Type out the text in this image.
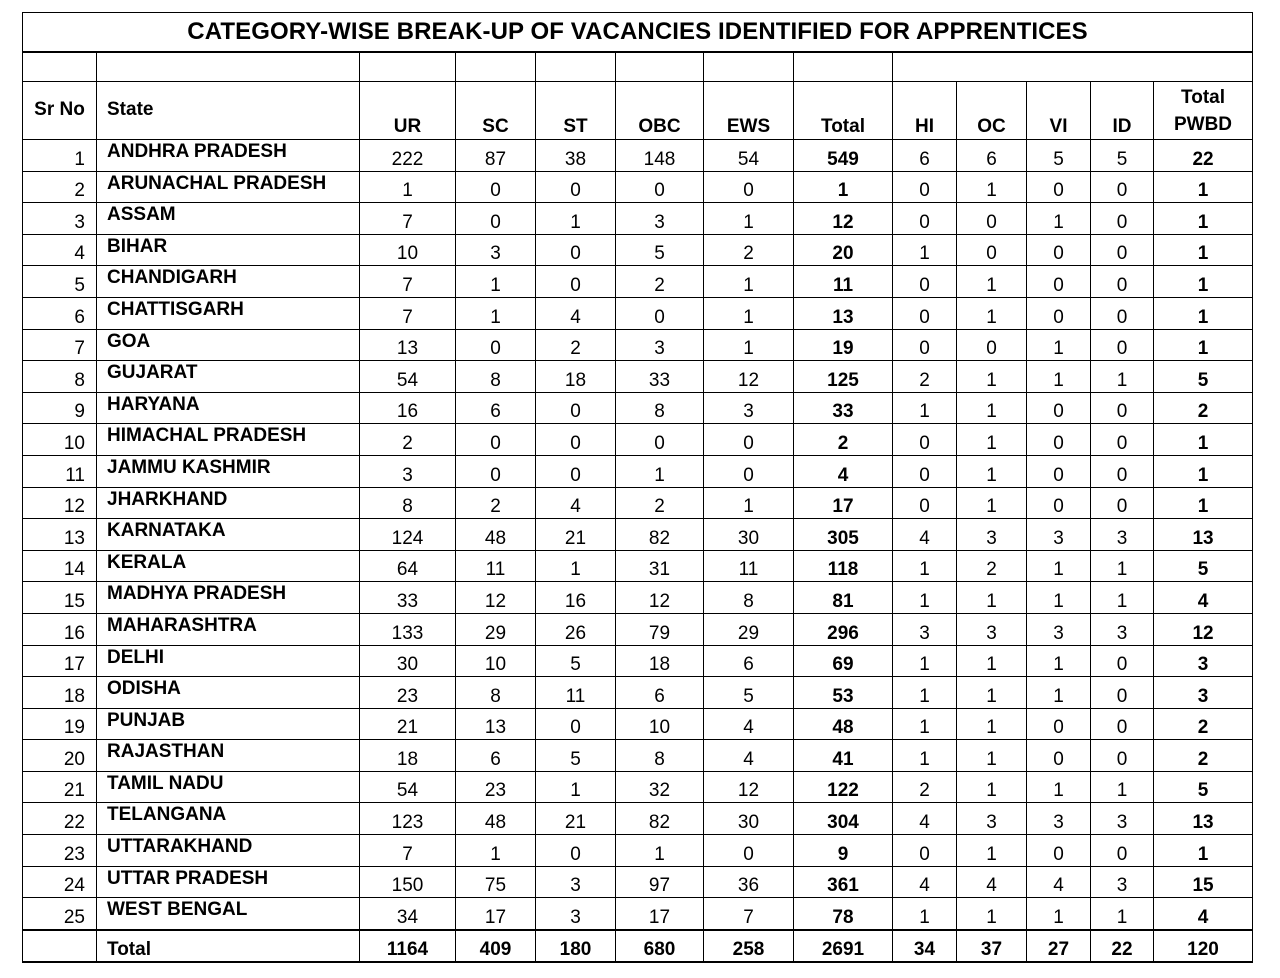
CATEGORY-WISE BREAK-UP OF VACANCIES IDENTIFIED FOR APPRENTICES												

Sr No	State	UR	SC	ST	OBC	EWS	Total	HI	OC	VI	ID	Total
PWBD
1	ANDHRA PRADESH	222	87	38	148	54	549	6	6	5	5	22
2	ARUNACHAL PRADESH	1	0	0	0	0	1	0	1	0	0	1
3	ASSAM	7	0	1	3	1	12	0	0	1	0	1
4	BIHAR	10	3	0	5	2	20	1	0	0	0	1
5	CHANDIGARH	7	1	0	2	1	11	0	1	0	0	1
6	CHATTISGARH	7	1	4	0	1	13	0	1	0	0	1
7	GOA	13	0	2	3	1	19	0	0	1	0	1
8	GUJARAT	54	8	18	33	12	125	2	1	1	1	5
9	HARYANA	16	6	0	8	3	33	1	1	0	0	2
10	HIMACHAL PRADESH	2	0	0	0	0	2	0	1	0	0	1
11	JAMMU KASHMIR	3	0	0	1	0	4	0	1	0	0	1
12	JHARKHAND	8	2	4	2	1	17	0	1	0	0	1
13	KARNATAKA	124	48	21	82	30	305	4	3	3	3	13
14	KERALA	64	11	1	31	11	118	1	2	1	1	5
15	MADHYA PRADESH	33	12	16	12	8	81	1	1	1	1	4
16	MAHARASHTRA	133	29	26	79	29	296	3	3	3	3	12
17	DELHI	30	10	5	18	6	69	1	1	1	0	3
18	ODISHA	23	8	11	6	5	53	1	1	1	0	3
19	PUNJAB	21	13	0	10	4	48	1	1	0	0	2
20	RAJASTHAN	18	6	5	8	4	41	1	1	0	0	2
21	TAMIL NADU	54	23	1	32	12	122	2	1	1	1	5
22	TELANGANA	123	48	21	82	30	304	4	3	3	3	13
23	UTTARAKHAND	7	1	0	1	0	9	0	1	0	0	1
24	UTTAR PRADESH	150	75	3	97	36	361	4	4	4	3	15
25	WEST BENGAL	34	17	3	17	7	78	1	1	1	1	4
	Total	1164	409	180	680	258	2691	34	37	27	22	120
